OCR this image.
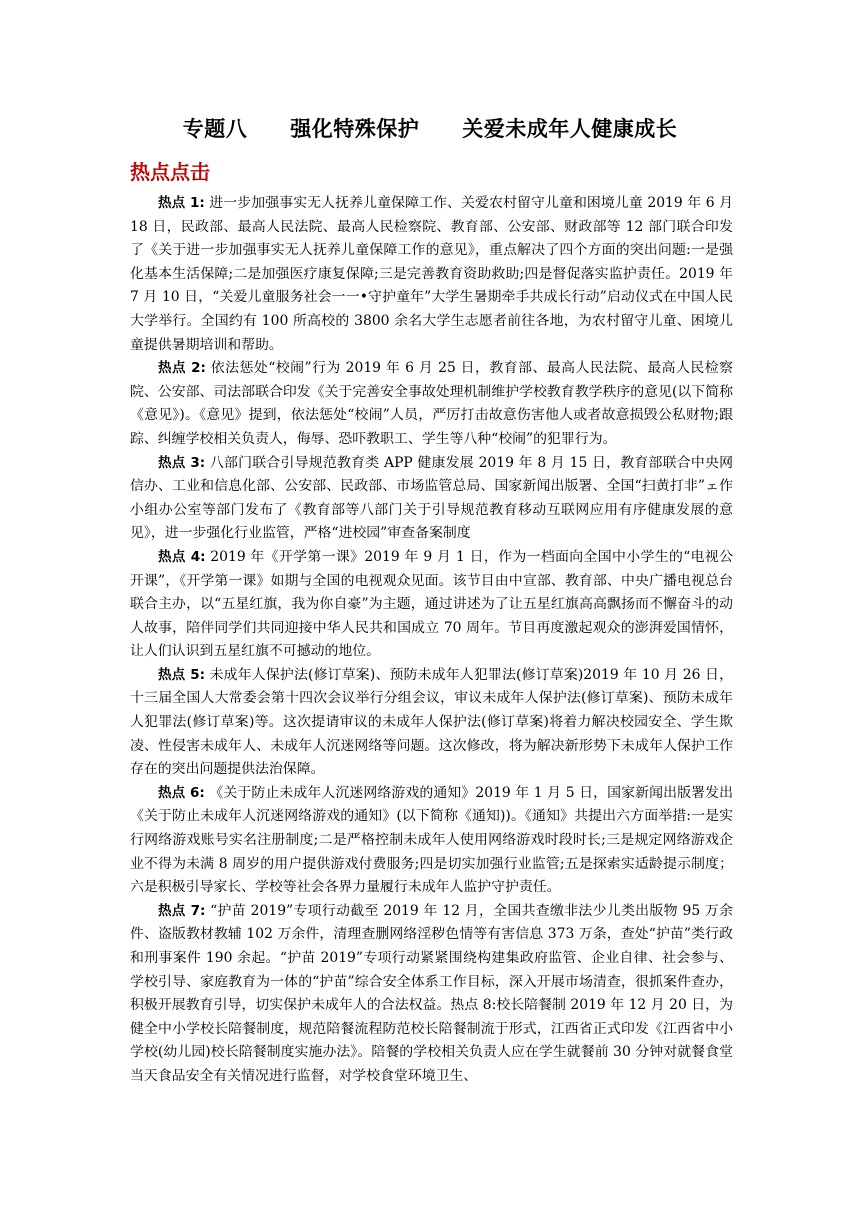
专题八　　强化特殊保护　　关爱未成年人健康成长
热点点击

热点 1: 进一步加强事实无人抚养儿童保障工作、关爱农村留守儿童和困境儿童 2019 年 6 月 18 日，民政部、最高人民法院、最高人民检察院、教育部、公安部、财政部等 12 部门联合印发了《关于进一步加强事实无人抚养儿童保障工作的意见》，重点解决了四个方面的突出问题:一是强化基本生活保障;二是加强医疗康复保障;三是完善教育资助救助;四是督促落实监护责任。2019 年 7 月 10 日，“关爱儿童服务社会一一•守护童年”大学生暑期牵手共成长行动”启动仪式在中国人民大学举行。全国约有 100 所高校的 3800 余名大学生志愿者前往各地，为农村留守儿童、困境儿童提供暑期培训和帮助。

热点 2: 依法惩处“校闹”行为 2019 年 6 月 25 日，教育部、最高人民法院、最高人民检察院、公安部、司法部联合印发《关于完善安全事故处理机制维护学校教育教学秩序的意见(以下简称《意见》)。《意见》提到，依法惩处“校闹”人员，严厉打击故意伤害他人或者故意损毁公私财物;跟踪、纠缠学校相关负责人，侮辱、恐吓教职工、学生等八种“校闹”的犯罪行为。

热点 3: 八部门联合引导规范教育类 APP 健康发展 2019 年 8 月 15 日，教育部联合中央网信办、工业和信息化部、公安部、民政部、市场监管总局、国家新闻出版署、全国“扫黄打非”ェ作小组办公室等部门发布了《教育部等八部门关于引导规范教育移动互联网应用有序健康发展的意见》，进一步强化行业监管，严格“进校园”审查备案制度

热点 4: 2019 年《开学第一课》2019 年 9 月 1 日，作为一档面向全国中小学生的“电视公开课”，《开学第一课》如期与全国的电视观众见面。该节目由中宣部、教育部、中央广播电视总台联合主办，以“五星红旗，我为你自豪”为主题，通过讲述为了让五星红旗高高飘扬而不懈奋斗的动人故事，陪伴同学们共同迎接中华人民共和国成立 70 周年。节目再度激起观众的澎湃爱国情怀，让人们认识到五星红旗不可撼动的地位。

热点 5: 未成年人保护法(修订草案)、预防未成年人犯罪法(修订草案)2019 年 10 月 26 日，十三届全国人大常委会第十四次会议举行分组会议，审议未成年人保护法(修订草案)、预防未成年人犯罪法(修订草案)等。这次提请审议的未成年人保护法(修订草案)将着力解决校园安全、学生欺凌、性侵害未成年人、未成年人沉迷网络等问题。这次修改，将为解决新形势下未成年人保护工作存在的突出问题提供法治保障。

热点 6: 《关于防止未成年人沉迷网络游戏的通知》2019 年 1 月 5 日，国家新闻出版署发出《关于防止未成年人沉迷网络游戏的通知》(以下简称《通知))。《通知》共提出六方面举措:一是实行网络游戏账号实名注册制度;二是严格控制未成年人使用网络游戏时段时长;三是规定网络游戏企业不得为未满 8 周岁的用户提供游戏付费服务;四是切实加强行业监管;五是探索实适龄提示制度；六是积极引导家长、学校等社会各界力量履行未成年人监护守护责任。

热点 7: “护苗 2019”专项行动截至 2019 年 12 月，全国共查缴非法少儿类出版物 95 万余件、盗版教材教辅 102 万余件，清理查删网络淫秽色情等有害信息 373 万条，查处“护苗”类行政和刑事案件 190 余起。“护苗 2019”专项行动紧紧围绕构建集政府监管、企业自律、社会参与、学校引导、家庭教育为一体的“护苗”综合安全体系工作目标，深入开展市场清查，很抓案件查办，积极开展教育引导，切实保护未成年人的合法权益。热点 8:校长陪餐制 2019 年 12 月 20 日，为健全中小学校长陪餐制度，规范陪餐流程防范校长陪餐制流于形式，江西省正式印发《江西省中小学校(幼儿园)校长陪餐制度实施办法》。陪餐的学校相关负责人应在学生就餐前 30 分钟对就餐食堂当天食品安全有关情况进行监督，对学校食堂环境卫生、
